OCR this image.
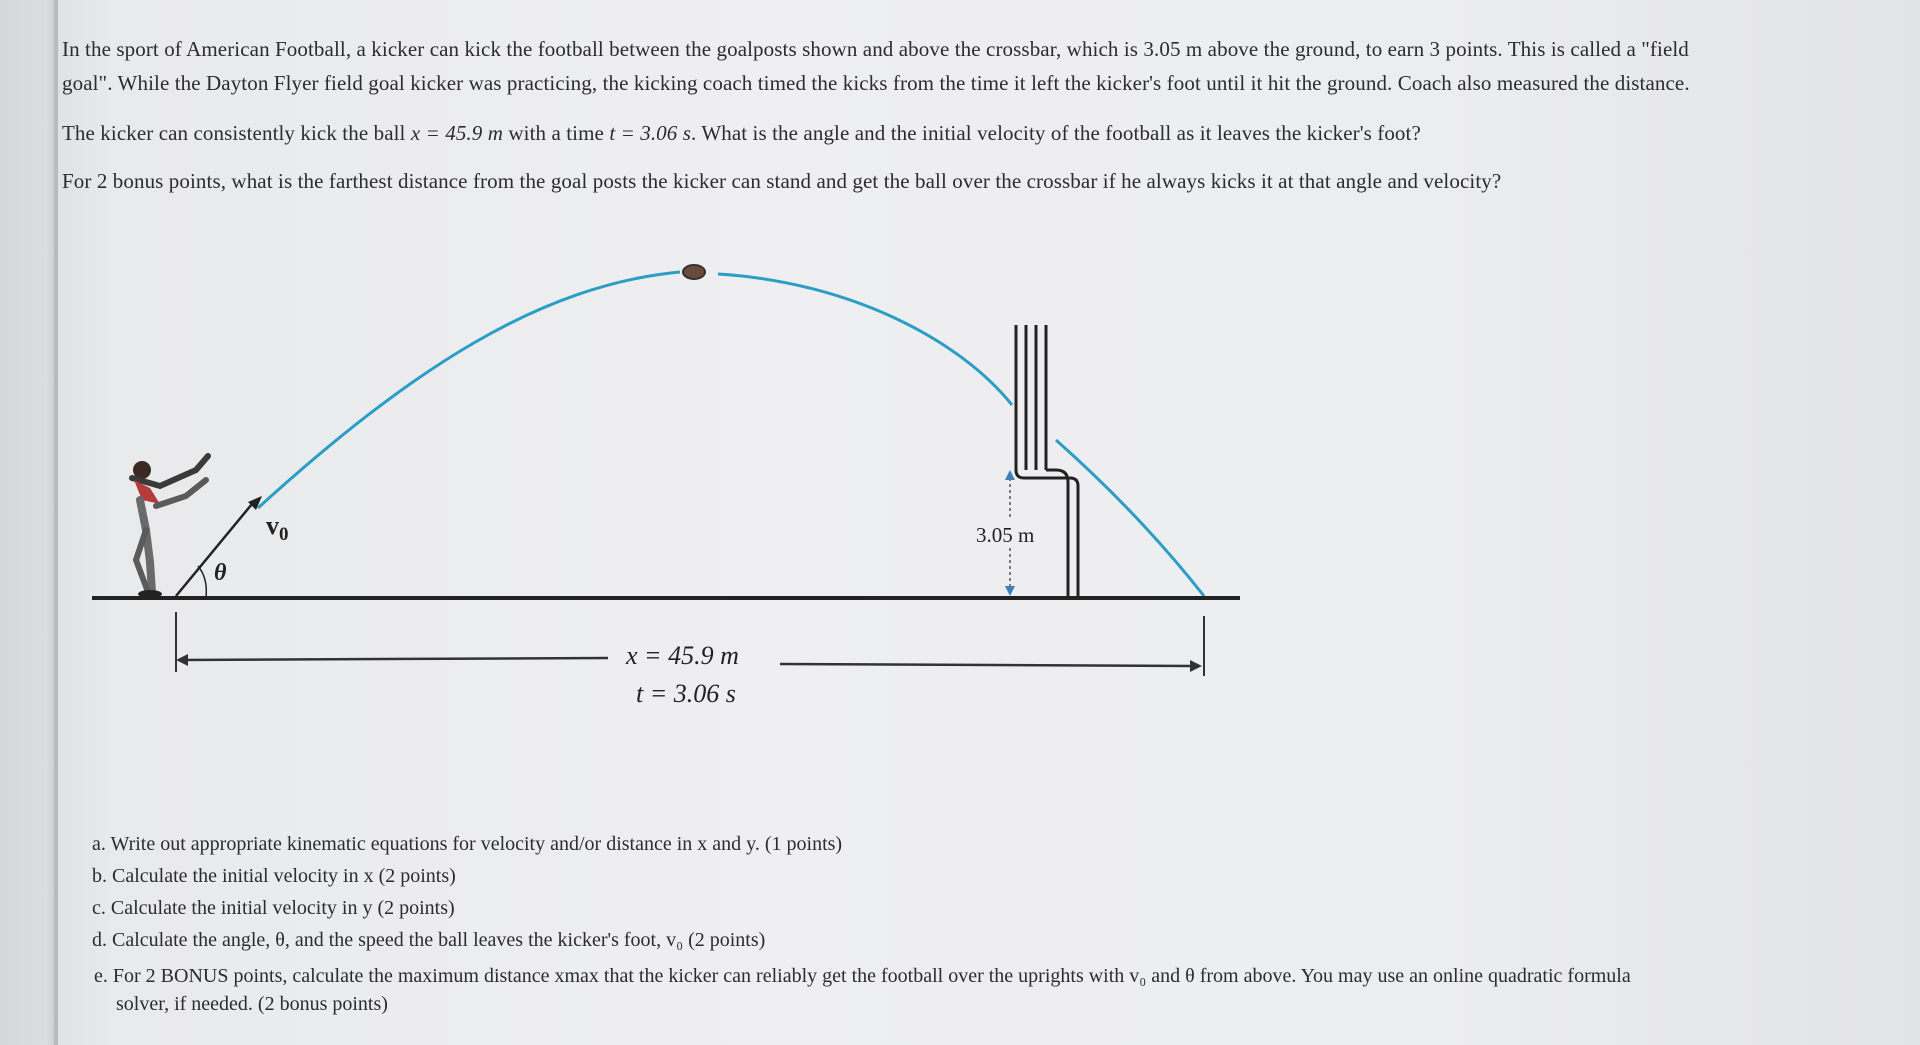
In the sport of American Football, a kicker can kick the football between the goalposts shown and above the crossbar, which is 3.05 m above the ground, to earn 3 points. This is called a "field
goal". While the Dayton Flyer field goal kicker was practicing, the kicking coach timed the kicks from the time it left the kicker's foot until it hit the ground. Coach also measured the distance.
The kicker can consistently kick the ball x = 45.9 m with a time t = 3.06 s. What is the angle and the initial velocity of the football as it leaves the kicker's foot?
For 2 bonus points, what is the farthest distance from the goal posts the kicker can stand and get the ball over the crossbar if he always kicks it at that angle and velocity?
3.05 m
$v_0$
θ
x = 45.9 m
t = 3.06 s
a. Write out appropriate kinematic equations for velocity and/or distance in x and y. (1 points)
b. Calculate the initial velocity in x (2 points)
c. Calculate the initial velocity in y (2 points)
d. Calculate the angle, θ, and the speed the ball leaves the kicker's foot, v₀ (2 points)
e. For 2 BONUS points, calculate the maximum distance xmax that the kicker can reliably get the football over the uprights with v₀ and θ from above. You may use an online quadratic formula
solver, if needed. (2 bonus points)
